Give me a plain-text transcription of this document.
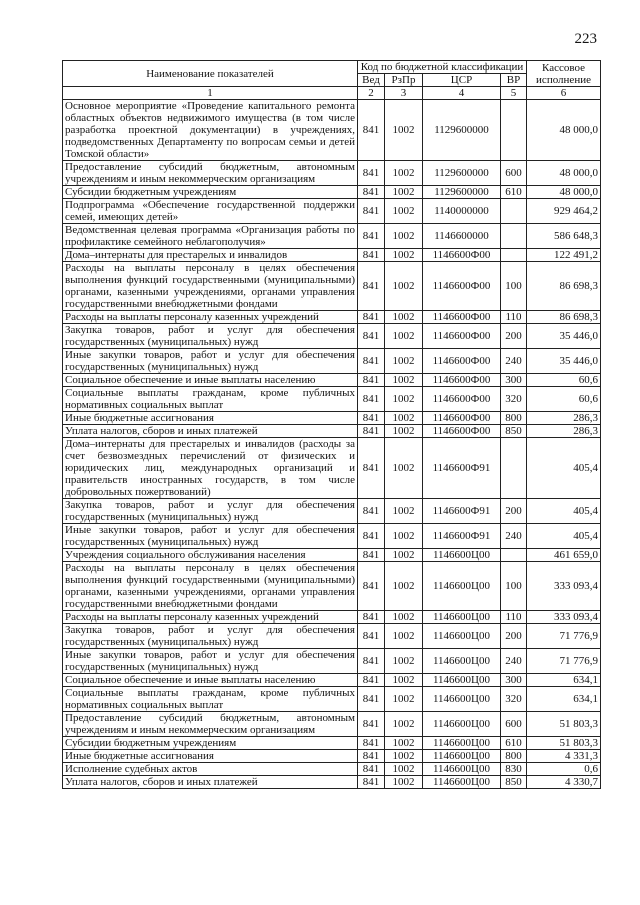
223
Наименование показателей	Код по бюджетной классификации				Кассовое исполнение
	Вед	РзПр	ЦСР	ВР	
1	2	3	4	5	6
Основное мероприятие «Проведение капитального ремонта областных объектов недвижимого имущества (в том числе разработка проектной документации) в учреждениях, подведомственных Департаменту по вопросам семьи и детей Томской области»	841	1002	1129600000		48 000,0
Предоставление субсидий бюджетным, автономным учреждениям и иным некоммерческим организациям	841	1002	1129600000	600	48 000,0
Субсидии бюджетным учреждениям	841	1002	1129600000	610	48 000,0
Подпрограмма «Обеспечение государственной поддержки семей, имеющих детей»	841	1002	1140000000		929 464,2
Ведомственная целевая программа «Организация работы по профилактике семейного неблагополучия»	841	1002	1146600000		586 648,3
Дома–интернаты для престарелых и инвалидов	841	1002	1146600Ф00		122 491,2
Расходы на выплаты персоналу в целях обеспечения выполнения функций государственными (муниципальными) органами, казенными учреждениями, органами управления государственными внебюджетными фондами	841	1002	1146600Ф00	100	86 698,3
Расходы на выплаты персоналу казенных учреждений	841	1002	1146600Ф00	110	86 698,3
Закупка товаров, работ и услуг для обеспечения государственных (муниципальных) нужд	841	1002	1146600Ф00	200	35 446,0
Иные закупки товаров, работ и услуг для обеспечения государственных (муниципальных) нужд	841	1002	1146600Ф00	240	35 446,0
Социальное обеспечение и иные выплаты населению	841	1002	1146600Ф00	300	60,6
Социальные выплаты гражданам, кроме публичных нормативных социальных выплат	841	1002	1146600Ф00	320	60,6
Иные бюджетные ассигнования	841	1002	1146600Ф00	800	286,3
Уплата налогов, сборов и иных платежей	841	1002	1146600Ф00	850	286,3
Дома–интернаты для престарелых и инвалидов (расходы за счет безвозмездных перечислений от физических и юридических лиц, международных организаций и правительств иностранных государств, в том числе добровольных пожертвований)	841	1002	1146600Ф91		405,4
Закупка товаров, работ и услуг для обеспечения государственных (муниципальных) нужд	841	1002	1146600Ф91	200	405,4
Иные закупки товаров, работ и услуг для обеспечения государственных (муниципальных) нужд	841	1002	1146600Ф91	240	405,4
Учреждения социального обслуживания населения	841	1002	1146600Ц00		461 659,0
Расходы на выплаты персоналу в целях обеспечения выполнения функций государственными (муниципальными) органами, казенными учреждениями, органами управления государственными внебюджетными фондами	841	1002	1146600Ц00	100	333 093,4
Расходы на выплаты персоналу казенных учреждений	841	1002	1146600Ц00	110	333 093,4
Закупка товаров, работ и услуг для обеспечения государственных (муниципальных) нужд	841	1002	1146600Ц00	200	71 776,9
Иные закупки товаров, работ и услуг для обеспечения государственных (муниципальных) нужд	841	1002	1146600Ц00	240	71 776,9
Социальное обеспечение и иные выплаты населению	841	1002	1146600Ц00	300	634,1
Социальные выплаты гражданам, кроме публичных нормативных социальных выплат	841	1002	1146600Ц00	320	634,1
Предоставление субсидий бюджетным, автономным учреждениям и иным некоммерческим организациям	841	1002	1146600Ц00	600	51 803,3
Субсидии бюджетным учреждениям	841	1002	1146600Ц00	610	51 803,3
Иные бюджетные ассигнования	841	1002	1146600Ц00	800	4 331,3
Исполнение судебных актов	841	1002	1146600Ц00	830	0,6
Уплата налогов, сборов и иных платежей	841	1002	1146600Ц00	850	4 330,7
